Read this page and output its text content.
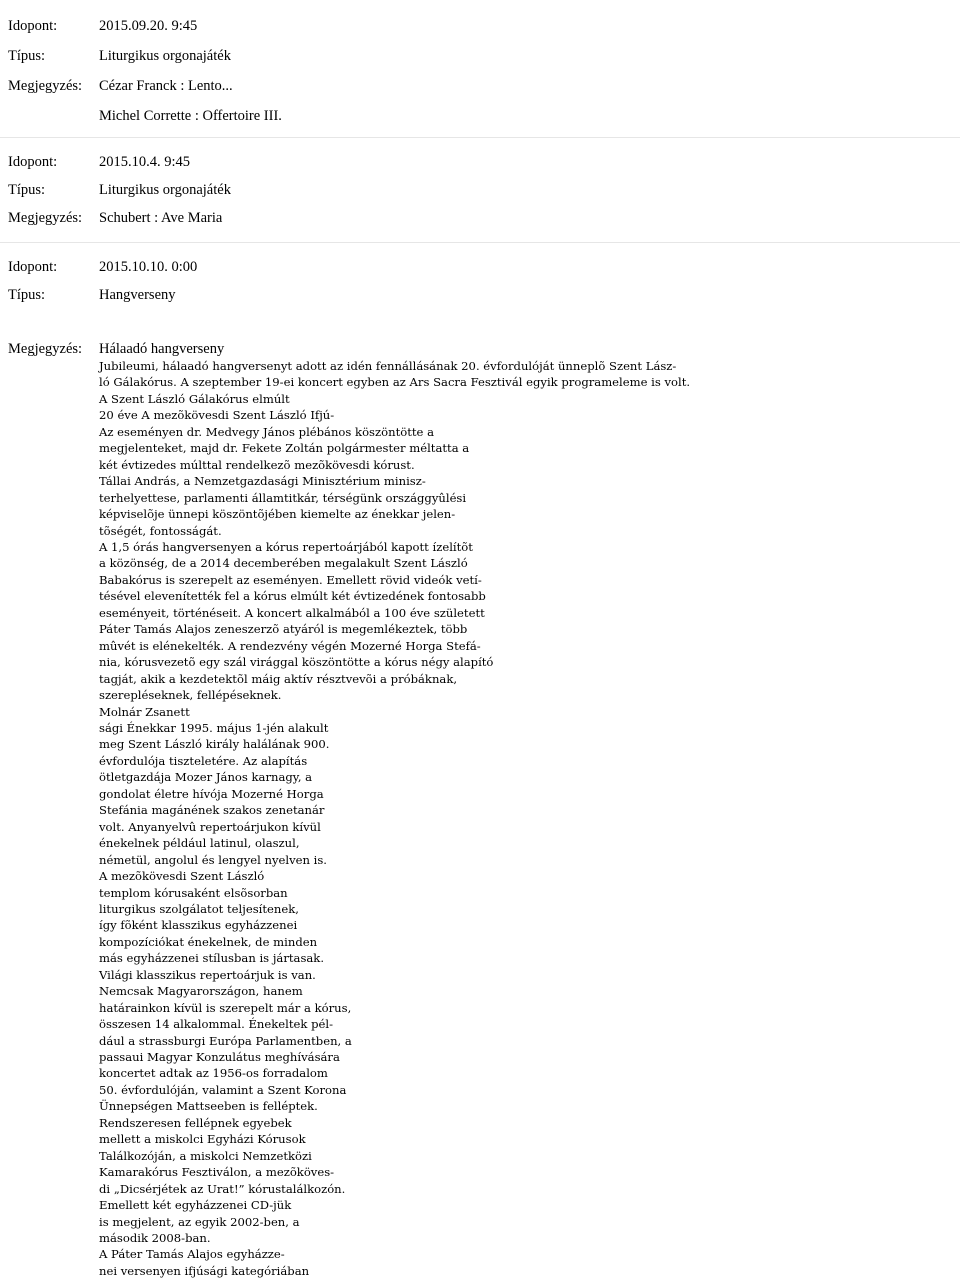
Idopont:	2015.09.20. 9:45
Típus:	Liturgikus orgonajáték
Megjegyzés:	Cézar Franck : Lento...
Michel Corrette : Offertoire III.
Idopont:	2015.10.4. 9:45
Típus:	Liturgikus orgonajáték
Megjegyzés:	Schubert : Ave Maria
Idopont:	2015.10.10. 0:00
Típus:	Hangverseny
Megjegyzés:	Hálaadó hangverseny
Jubileumi, hálaadó hangversenyt adott az idén fennállásának 20. évfordulóját ünneplõ Szent Lász-
ló Gálakórus. A szeptember 19-ei koncert egyben az Ars Sacra Fesztivál egyik programeleme is volt.
A Szent László Gálakórus elmúlt
20 éve A mezõkövesdi Szent László Ifjú-
Az eseményen dr. Medvegy János plébános köszöntötte a
megjelenteket, majd dr. Fekete Zoltán polgármester méltatta a
két évtizedes múlttal rendelkezõ mezõkövesdi kórust.
Tállai András, a Nemzetgazdasági Minisztérium minisz-
terhelyettese, parlamenti államtitkár, térségünk országgyûlési
képviselõje ünnepi köszöntõjében kiemelte az énekkar jelen-
tõségét, fontosságát.
A 1,5 órás hangversenyen a kórus repertoárjából kapott ízelítõt
a közönség, de a 2014 decemberében megalakult Szent László
Babakórus is szerepelt az eseményen. Emellett rövid videók vetí-
tésével elevenítették fel a kórus elmúlt két évtizedének fontosabb
eseményeit, történéseit. A koncert alkalmából a 100 éve született
Páter Tamás Alajos zeneszerzõ atyáról is megemlékeztek, több
mûvét is elénekelték. A rendezvény végén Mozerné Horga Stefá-
nia, kórusvezetõ egy szál virággal köszöntötte a kórus négy alapító
tagját, akik a kezdetektõl máig aktív résztvevõi a próbáknak,
szerepléseknek, fellépéseknek.
Molnár Zsanett
sági Énekkar 1995. május 1-jén alakult
meg Szent László király halálának 900.
évfordulója tiszteletére. Az alapítás
ötletgazdája Mozer János karnagy, a
gondolat életre hívója Mozerné Horga
Stefánia magánének szakos zenetanár
volt. Anyanyelvû repertoárjukon kívül
énekelnek például latinul, olaszul,
németül, angolul és lengyel nyelven is.
A mezõkövesdi Szent László
templom kórusaként elsõsorban
liturgikus szolgálatot teljesítenek,
így fõként klasszikus egyházzenei
kompozíciókat énekelnek, de minden
más egyházzenei stílusban is jártasak.
Világi klasszikus repertoárjuk is van.
Nemcsak Magyarországon, hanem
határainkon kívül is szerepelt már a kórus,
összesen 14 alkalommal. Énekeltek pél-
dául a strassburgi Európa Parlamentben, a
passaui Magyar Konzulátus meghívására
koncertet adtak az 1956-os forradalom
50. évfordulóján, valamint a Szent Korona
Ünnepségen Mattseeben is felléptek.
Rendszeresen fellépnek egyebek
mellett a miskolci Egyházi Kórusok
Találkozóján, a miskolci Nemzetközi
Kamarakórus Fesztiválon, a mezõköves-
di „Dicsérjétek az Urat!” kórustalálkozón.
Emellett két egyházzenei CD-jük
is megjelent, az egyik 2002-ben, a
második 2008-ban.
A Páter Tamás Alajos egyházze-
nei versenyen ifjúsági kategóriában
